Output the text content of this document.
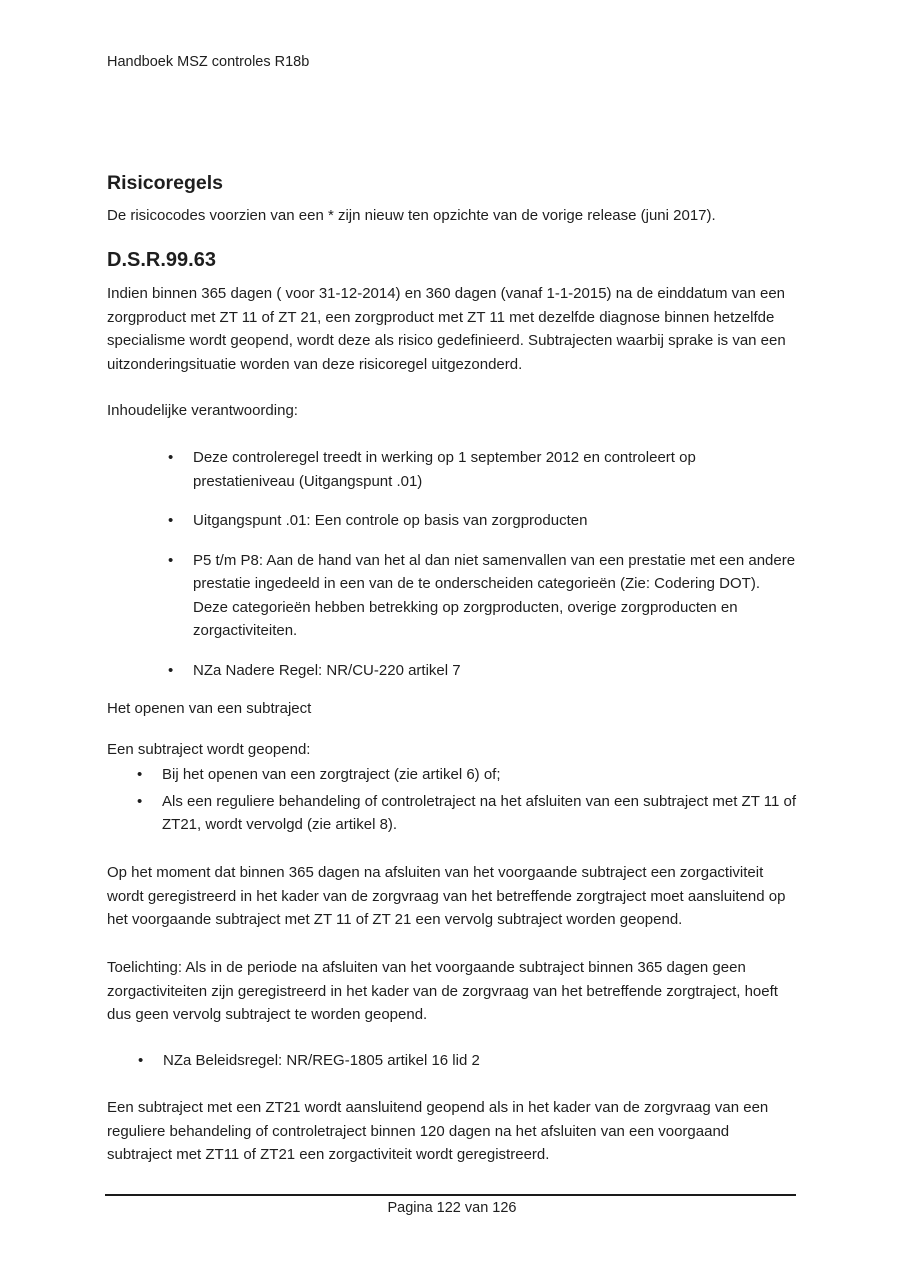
Handboek MSZ controles R18b
Risicoregels
De risicocodes voorzien van een * zijn nieuw ten opzichte van de vorige release (juni 2017).
D.S.R.99.63
Indien binnen 365 dagen ( voor 31-12-2014) en 360 dagen (vanaf 1-1-2015) na de einddatum van een zorgproduct met ZT 11 of ZT 21, een zorgproduct met ZT 11 met dezelfde diagnose binnen hetzelfde specialisme wordt geopend, wordt deze als risico gedefinieerd. Subtrajecten waarbij sprake is van een uitzonderingsituatie worden van deze risicoregel uitgezonderd.
Inhoudelijke verantwoording:
• Deze controleregel treedt in werking op 1 september 2012 en controleert op prestatieniveau (Uitgangspunt .01)
• Uitgangspunt .01: Een controle op basis van zorgproducten
• P5 t/m P8: Aan de hand van het al dan niet samenvallen van een prestatie met een andere prestatie ingedeeld in een van de te onderscheiden categorieën (Zie: Codering DOT). Deze categorieën hebben betrekking op zorgproducten, overige zorgproducten en zorgactiviteiten.
• NZa Nadere Regel: NR/CU-220 artikel 7
Het openen van een subtraject
Een subtraject wordt geopend:
• Bij het openen van een zorgtraject (zie artikel 6) of;
• Als een reguliere behandeling of controletraject na het afsluiten van een subtraject met ZT 11 of ZT21, wordt vervolgd (zie artikel 8).
Op het moment dat binnen 365 dagen na afsluiten van het voorgaande subtraject een zorgactiviteit wordt geregistreerd in het kader van de zorgvraag van het betreffende zorgtraject moet aansluitend op het voorgaande subtraject met ZT 11 of ZT 21 een vervolg subtraject worden geopend.
Toelichting: Als in de periode na afsluiten van het voorgaande subtraject binnen 365 dagen geen zorgactiviteiten zijn geregistreerd in het kader van de zorgvraag van het betreffende zorgtraject, hoeft dus geen vervolg subtraject te worden geopend.
• NZa Beleidsregel: NR/REG-1805 artikel 16 lid 2
Een subtraject met een ZT21 wordt aansluitend geopend als in het kader van de zorgvraag van een reguliere behandeling of controletraject binnen 120 dagen na het afsluiten van een voorgaand subtraject met ZT11 of ZT21 een zorgactiviteit wordt geregistreerd.
Pagina 122 van 126
